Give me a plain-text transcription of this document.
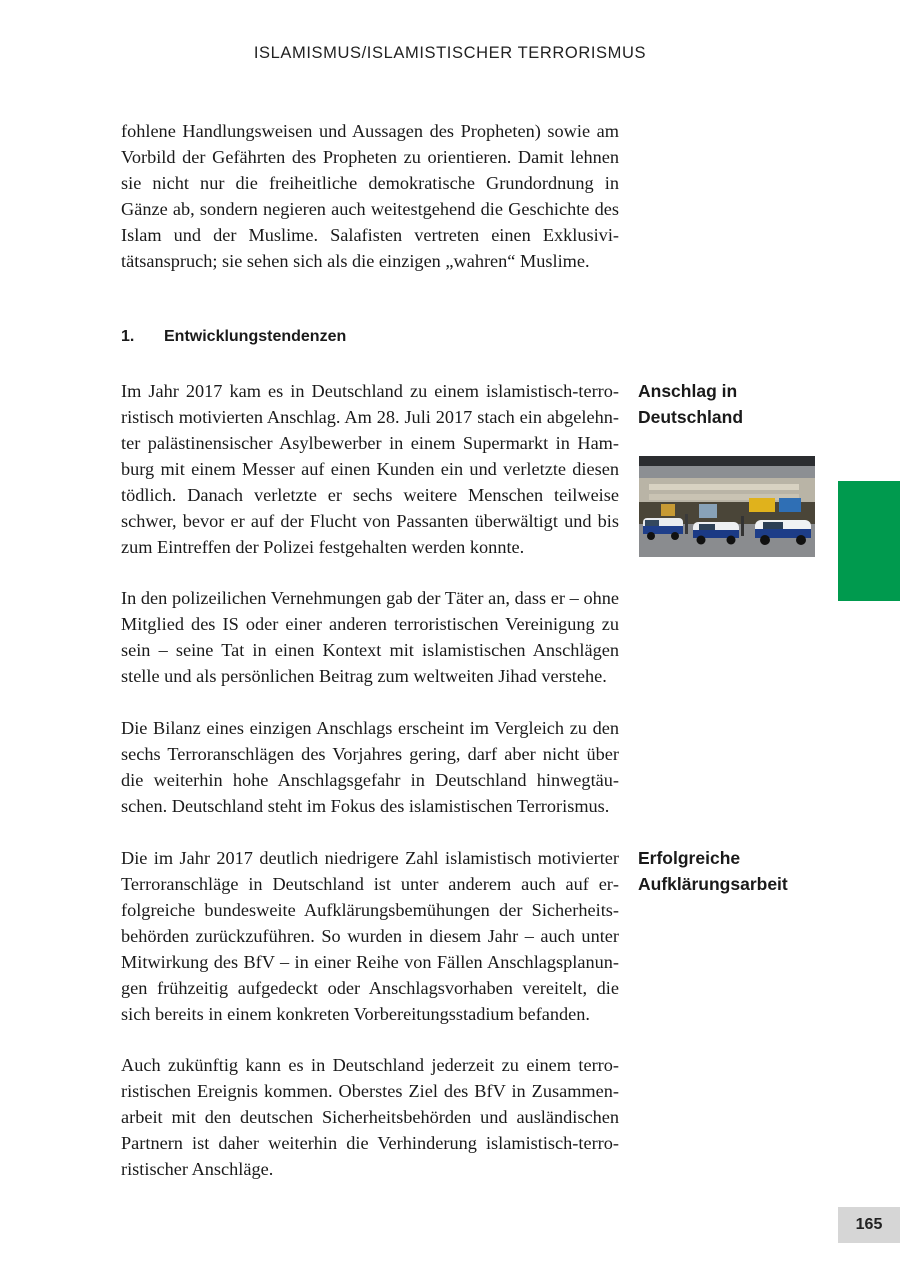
ISLAMISMUS/ISLAMISTISCHER TERRORISMUS

fohlene Handlungsweisen und Aussagen des Propheten) sowie am Vorbild der Gefährten des Propheten zu orientieren. Damit lehnen sie nicht nur die freiheitliche demokratische Grundordnung in Gänze ab, sondern negieren auch weitestgehend die Geschichte des Islam und der Muslime. Salafisten vertreten einen Exklusivitätsanspruch; sie sehen sich als die einzigen „wahren“ Muslime.

1. Entwicklungstendenzen

Im Jahr 2017 kam es in Deutschland zu einem islamistisch-terroristisch motivierten Anschlag. Am 28. Juli 2017 stach ein abgelehnter palästinensischer Asylbewerber in einem Supermarkt in Hamburg mit einem Messer auf einen Kunden ein und verletzte diesen tödlich. Danach verletzte er sechs weitere Menschen teilweise schwer, bevor er auf der Flucht von Passanten überwältigt und bis zum Eintreffen der Polizei festgehalten werden konnte.

In den polizeilichen Vernehmungen gab der Täter an, dass er – ohne Mitglied des IS oder einer anderen terroristischen Vereinigung zu sein – seine Tat in einen Kontext mit islamistischen Anschlägen stelle und als persönlichen Beitrag zum weltweiten Jihad verstehe.

Die Bilanz eines einzigen Anschlags erscheint im Vergleich zu den sechs Terroranschlägen des Vorjahres gering, darf aber nicht über die weiterhin hohe Anschlagsgefahr in Deutschland hinwegtäuschen. Deutschland steht im Fokus des islamistischen Terrorismus.

Die im Jahr 2017 deutlich niedrigere Zahl islamistisch motivierter Terroranschläge in Deutschland ist unter anderem auch auf erfolgreiche bundesweite Aufklärungsbemühungen der Sicherheitsbehörden zurückzuführen. So wurden in diesem Jahr – auch unter Mitwirkung des BfV – in einer Reihe von Fällen Anschlagsplanungen frühzeitig aufgedeckt oder Anschlagsvorhaben vereitelt, die sich bereits in einem konkreten Vorbereitungsstadium befanden.

Auch zukünftig kann es in Deutschland jederzeit zu einem terroristischen Ereignis kommen. Oberstes Ziel des BfV in Zusammenarbeit mit den deutschen Sicherheitsbehörden und ausländischen Partnern ist daher weiterhin die Verhinderung islamistisch-terroristischer Anschläge.

Anschlag in
Deutschland
Erfolgreiche
Aufklärungsarbeit
165
